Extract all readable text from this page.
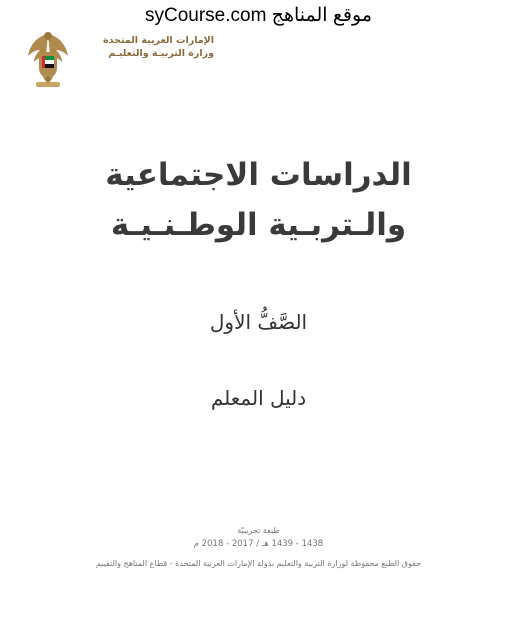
موقع المناهج syCourse.com
الإمارات العربية المتحدة
وزارة التربيـة والتعليـم
الدراسات الاجتماعية
والـتربـية الوطـنـيـة
الصَّفُّ الأول
دليل المعلم
طبعة تجريبيّة
1438 - 1439 هـ / 2017 - 2018 م
حقوق الطبع محفوظة لوزارة التربية والتعليم بدولة الإمارات العربية المتحدة - قطاع المناهج والتقييم
